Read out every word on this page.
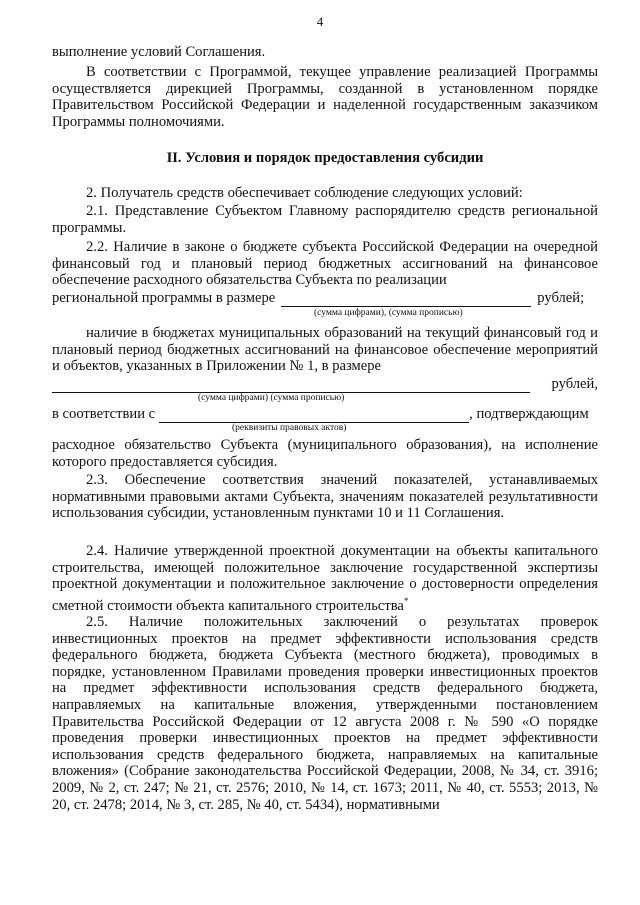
4

выполнение условий Соглашения.

В соответствии с Программой, текущее управление реализацией Программы осуществляется дирекцией Программы, созданной в установленном порядке Правительством Российской Федерации и наделенной государственным заказчиком Программы полномочиями.

II. Условия и порядок предоставления субсидии

2. Получатель средств обеспечивает соблюдение следующих условий:

2.1. Представление Субъектом Главному распорядителю средств региональной программы.

2.2. Наличие в законе о бюджете субъекта Российской Федерации на очередной финансовый год и плановый период бюджетных ассигнований на финансовое обеспечение расходного обязательства Субъекта по реализации

региональной программы в размере	рублей;
(сумма цифрами), (сумма прописью)

наличие в бюджетах муниципальных образований на текущий финансовый год и плановый период бюджетных ассигнований на финансовое обеспечение мероприятий и объектов, указанных в Приложении № 1, в размере

рублей,
(сумма цифрами) (сумма прописью)
в соответствии с	, подтверждающим
(реквизиты правовых актов)

расходное обязательство Субъекта (муниципального образования), на исполнение которого предоставляется субсидия.

2.3. Обеспечение соответствия значений показателей, устанавливаемых нормативными правовыми актами Субъекта, значениям показателей результативности использования субсидии, установленным пунктами 10 и 11 Соглашения.

2.4. Наличие утвержденной проектной документации на объекты капитального строительства, имеющей положительное заключение государственной экспертизы проектной документации и положительное заключение о достоверности определения сметной стоимости объекта капитального строительства*

2.5. Наличие положительных заключений о результатах проверок инвестиционных проектов на предмет эффективности использования средств федерального бюджета, бюджета Субъекта (местного бюджета), проводимых в порядке, установленном Правилами проведения проверки инвестиционных проектов на предмет эффективности использования средств федерального бюджета, направляемых на капитальные вложения, утвержденными постановлением Правительства Российской Федерации от 12 августа 2008 г. № 590 «О порядке проведения проверки инвестиционных проектов на предмет эффективности использования средств федерального бюджета, направляемых на капитальные вложения» (Собрание законодательства Российской Федерации, 2008, № 34, ст. 3916; 2009, № 2, ст. 247; № 21, ст. 2576; 2010, № 14, ст. 1673; 2011, № 40, ст. 5553; 2013, № 20, ст. 2478; 2014, № 3, ст. 285, № 40, ст. 5434), нормативными
